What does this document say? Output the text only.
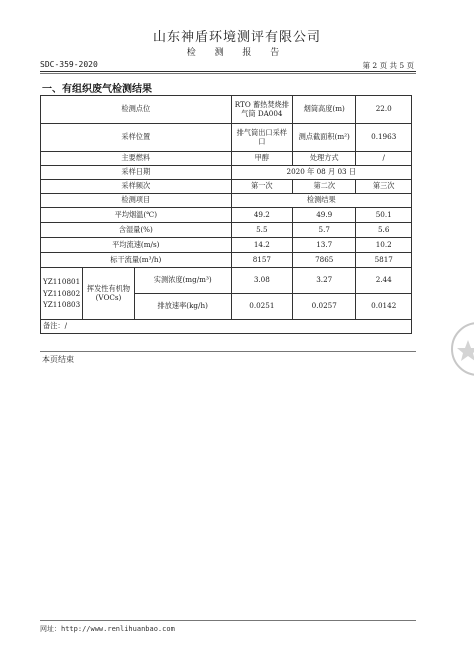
山东神盾环境测评有限公司
检 测 报 告
SDC-359-2020	第 2 页 共 5 页
一、有组织废气检测结果
检测点位			RTO 蓄热焚烧排气筒 DA004	烟筒高度(m)	22.0
采样位置			排气筒出口采样口	测点截面积(m²)	0.1963
主要燃料			甲醇	处理方式	/
采样日期			2020 年 08 月 03 日		
采样频次			第一次	第二次	第三次
检测项目			检测结果		
平均烟温(℃)			49.2	49.9	50.1
含湿量(%)			5.5	5.7	5.6
平均流速(m/s)			14.2	13.7	10.2
标干流量(m³/h)			8157	7865	5817
YZ110801 YZ110802 YZ110803	挥发性有机物(VOCs)	实测浓度(mg/m³)	3.08	3.27	2.44
		排放速率(kg/h)	0.0251	0.0257	0.0142
备注：/					
本页结束
网址：http://www.renlihuanbao.com
